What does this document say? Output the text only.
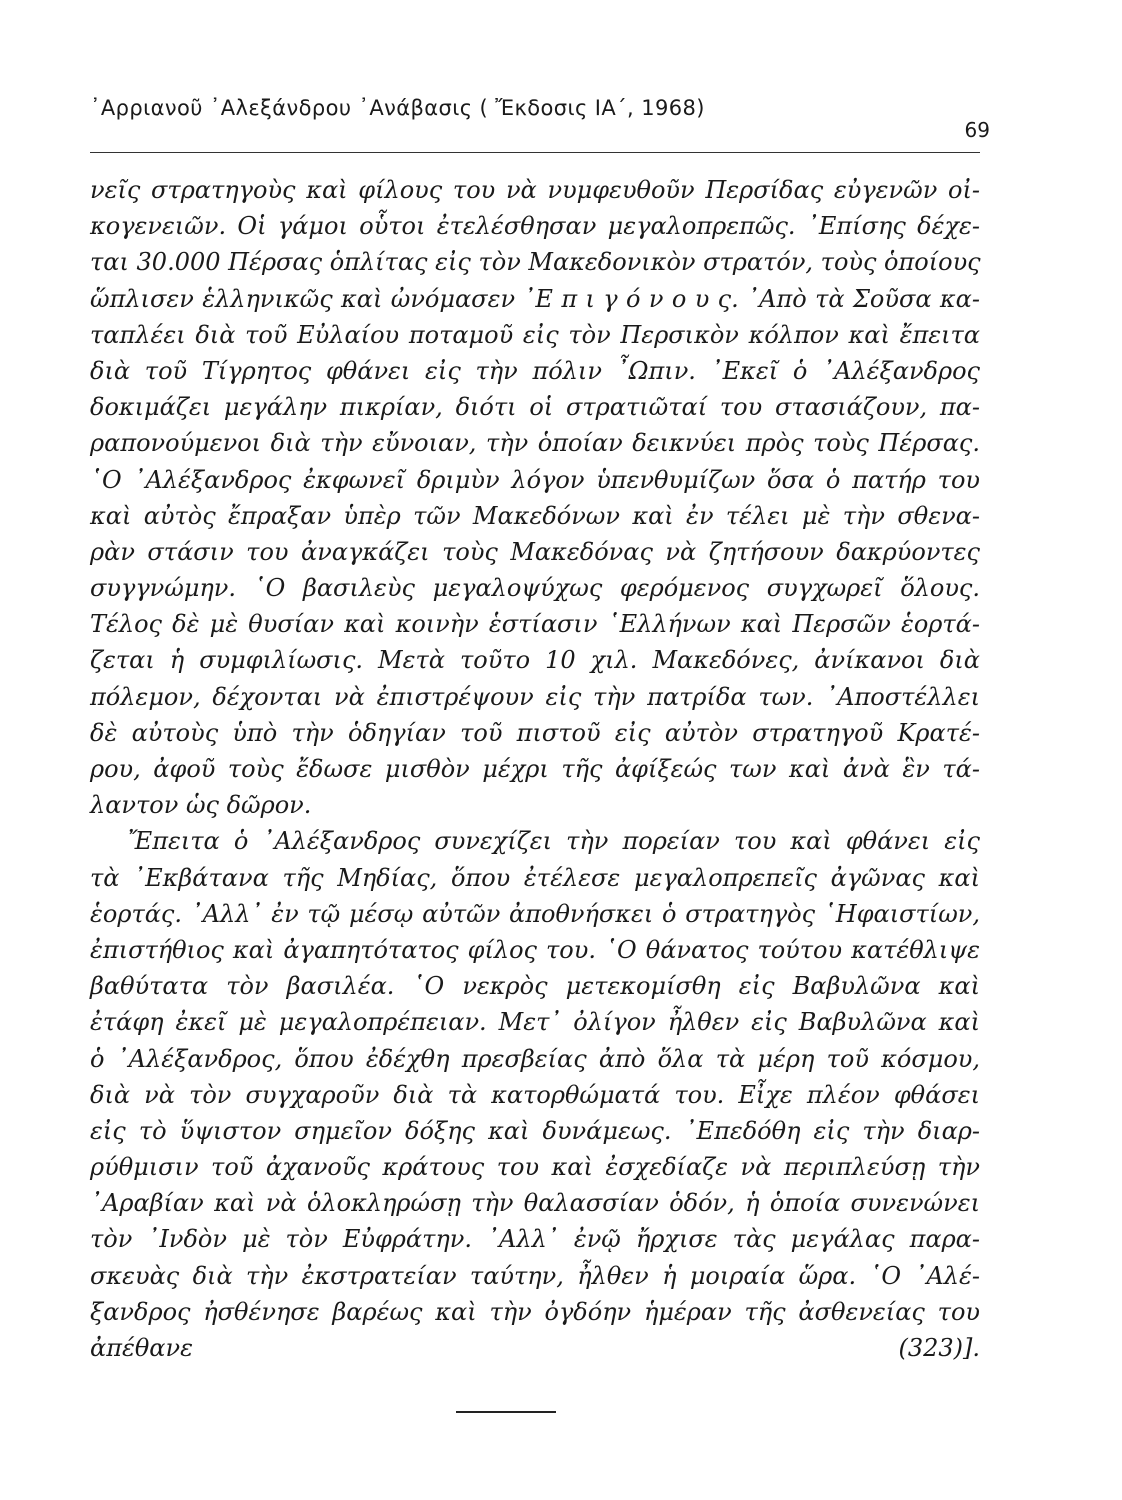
᾿Αρριανοῦ ᾿Αλεξάνδρου ᾿Ανάβασις ( Ἔκδοσις ΙΑ΄, 1968)
69
νεῖς στρατηγοὺς καὶ φίλους του νὰ νυμφευθοῦν Περσίδας εὐγενῶν οἰ-
κογενειῶν. Οἱ γάμοι οὗτοι ἐτελέσθησαν μεγαλοπρεπῶς. ᾿Επίσης δέχε-
ται 30.000 Πέρσας ὁπλίτας εἰς τὸν Μακεδονικὸν στρατόν, τοὺς ὁποίους
ὥπλισεν ἑλληνικῶς καὶ ὠνόμασεν ᾿Ε π ι γ ό ν ο υ ς. ᾿Απὸ τὰ Σοῦσα κα-
ταπλέει διὰ τοῦ Εὐλαίου ποταμοῦ εἰς τὸν Περσικὸν κόλπον καὶ ἔπειτα
διὰ τοῦ Τίγρητος φθάνει εἰς τὴν πόλιν ῏Ωπιν. ᾿Εκεῖ ὁ ᾿Αλέξανδρος
δοκιμάζει μεγάλην πικρίαν, διότι οἱ στρατιῶταί του στασιάζουν, πα-
ραπονούμενοι διὰ τὴν εὔνοιαν, τὴν ὁποίαν δεικνύει πρὸς τοὺς Πέρσας.
῾Ο ᾿Αλέξανδρος ἐκφωνεῖ δριμὺν λόγον ὑπενθυμίζων ὅσα ὁ πατήρ του
καὶ αὐτὸς ἔπραξαν ὑπὲρ τῶν Μακεδόνων καὶ ἐν τέλει μὲ τὴν σθενα-
ρὰν στάσιν του ἀναγκάζει τοὺς Μακεδόνας νὰ ζητήσουν δακρύοντες
συγγνώμην. ῾Ο βασιλεὺς μεγαλοψύχως φερόμενος συγχωρεῖ ὅλους.
Τέλος δὲ μὲ θυσίαν καὶ κοινὴν ἑστίασιν ῾Ελλήνων καὶ Περσῶν ἑορτά-
ζεται ἡ συμφιλίωσις. Μετὰ τοῦτο 10 χιλ. Μακεδόνες, ἀνίκανοι διὰ
πόλεμον, δέχονται νὰ ἐπιστρέψουν εἰς τὴν πατρίδα των. ᾿Αποστέλλει
δὲ αὐτοὺς ὑπὸ τὴν ὁδηγίαν τοῦ πιστοῦ εἰς αὐτὸν στρατηγοῦ Κρατέ-
ρου, ἀφοῦ τοὺς ἔδωσε μισθὸν μέχρι τῆς ἀφίξεώς των καὶ ἀνὰ ἓν τά-
λαντον ὡς δῶρον.
Ἔπειτα ὁ ᾿Αλέξανδρος συνεχίζει τὴν πορείαν του καὶ φθάνει εἰς
τὰ ᾿Εκβάτανα τῆς Μηδίας, ὅπου ἐτέλεσε μεγαλοπρεπεῖς ἀγῶνας καὶ
ἑορτάς. ᾿Αλλ᾿ ἐν τῷ μέσῳ αὐτῶν ἀποθνήσκει ὁ στρατηγὸς ῾Ηφαιστίων,
ἐπιστήθιος καὶ ἀγαπητότατος φίλος του. ῾Ο θάνατος τούτου κατέθλιψε
βαθύτατα τὸν βασιλέα. ῾Ο νεκρὸς μετεκομίσθη εἰς Βαβυλῶνα καὶ
ἐτάφη ἐκεῖ μὲ μεγαλοπρέπειαν. Μετ᾿ ὀλίγον ἦλθεν εἰς Βαβυλῶνα καὶ
ὁ ᾿Αλέξανδρος, ὅπου ἐδέχθη πρεσβείας ἀπὸ ὅλα τὰ μέρη τοῦ κόσμου,
διὰ νὰ τὸν συγχαροῦν διὰ τὰ κατορθώματά του. Εἶχε πλέον φθάσει
εἰς τὸ ὕψιστον σημεῖον δόξης καὶ δυνάμεως. ᾿Επεδόθη εἰς τὴν διαρ-
ρύθμισιν τοῦ ἀχανοῦς κράτους του καὶ ἐσχεδίαζε νὰ περιπλεύσῃ τὴν
᾿Αραβίαν καὶ νὰ ὁλοκληρώσῃ τὴν θαλασσίαν ὁδόν, ἡ ὁποία συνενώνει
τὸν ᾿Ινδὸν μὲ τὸν Εὐφράτην. ᾿Αλλ᾿ ἐνῷ ἤρχισε τὰς μεγάλας παρα-
σκευὰς διὰ τὴν ἐκστρατείαν ταύτην, ἦλθεν ἡ μοιραία ὥρα. ῾Ο ᾿Αλέ-
ξανδρος ἠσθένησε βαρέως καὶ τὴν ὀγδόην ἡμέραν τῆς ἀσθενείας του
ἀπέθανε (323)].
